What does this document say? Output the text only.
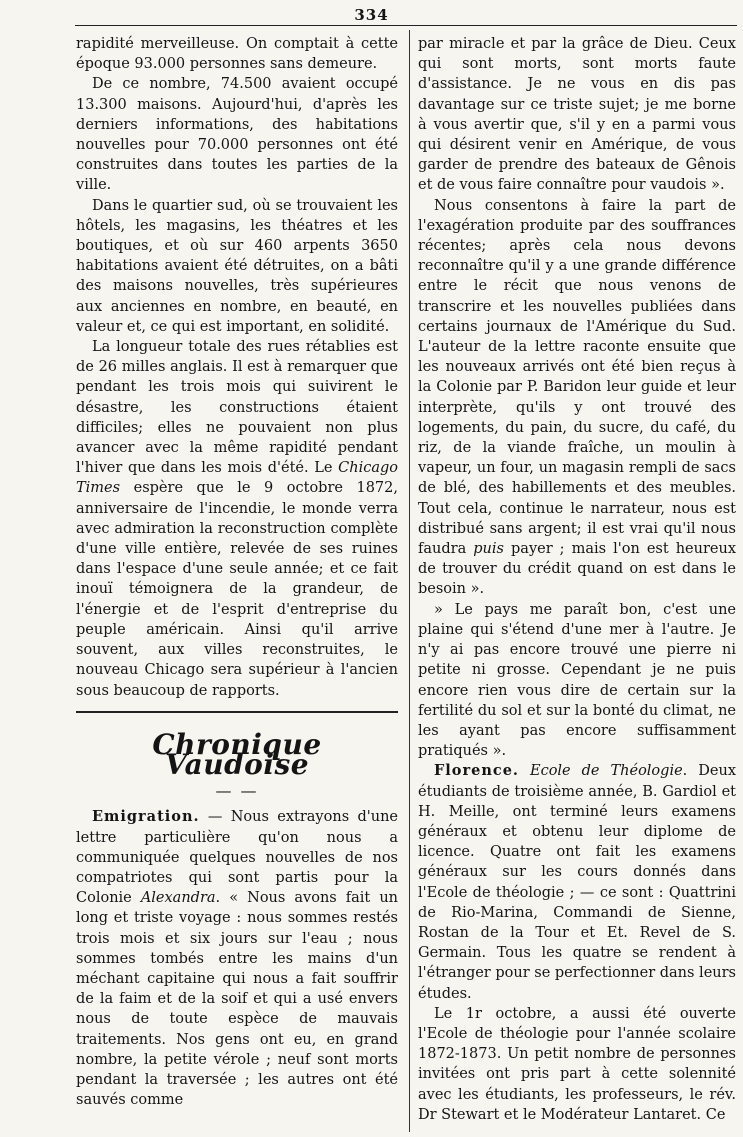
334

rapidité merveilleuse. On comptait à cette époque 93.000 personnes sans demeure.

De ce nombre, 74.500 avaient occupé 13.300 maisons. Aujourd'hui, d'après les derniers informations, des habitations nouvelles pour 70.000 personnes ont été construites dans toutes les parties de la ville.

Dans le quartier sud, où se trouvaient les hôtels, les magasins, les théatres et les boutiques, et où sur 460 arpents 3650 habitations avaient été détruites, on a bâti des maisons nouvelles, très supérieures aux anciennes en nombre, en beauté, en valeur et, ce qui est important, en solidité.

La longueur totale des rues rétablies est de 26 milles anglais. Il est à remarquer que pendant les trois mois qui suivirent le désastre, les constructions étaient difficiles; elles ne pouvaient non plus avancer avec la même rapidité pendant l'hiver que dans les mois d'été. Le Chicago Times espère que le 9 octobre 1872, anniversaire de l'incendie, le monde verra avec admiration la reconstruction complète d'une ville entière, relevée de ses ruines dans l'espace d'une seule année; et ce fait inouï témoignera de la grandeur, de l'énergie et de l'esprit d'entreprise du peuple américain. Ainsi qu'il arrive souvent, aux villes reconstruites, le nouveau Chicago sera supérieur à l'ancien sous beaucoup de rapports.

Chronique Vaudoise
— —

Emigration. — Nous extrayons d'une lettre particulière qu'on nous a communiquée quelques nouvelles de nos compatriotes qui sont partis pour la Colonie Alexandra. « Nous avons fait un long et triste voyage : nous sommes restés trois mois et six jours sur l'eau ; nous sommes tombés entre les mains d'un méchant capitaine qui nous a fait souffrir de la faim et de la soif et qui a usé envers nous de toute espèce de mauvais traitements. Nos gens ont eu, en grand nombre, la petite vérole ; neuf sont morts pendant la traversée ; les autres ont été sauvés comme

par miracle et par la grâce de Dieu. Ceux qui sont morts, sont morts faute d'assistance. Je ne vous en dis pas davantage sur ce triste sujet; je me borne à vous avertir que, s'il y en a parmi vous qui désirent venir en Amérique, de vous garder de prendre des bateaux de Gênois et de vous faire connaître pour vaudois ».

Nous consentons à faire la part de l'exagération produite par des souffrances récentes; après cela nous devons reconnaître qu'il y a une grande différence entre le récit que nous venons de transcrire et les nouvelles publiées dans certains journaux de l'Amérique du Sud. L'auteur de la lettre raconte ensuite que les nouveaux arrivés ont été bien reçus à la Colonie par P. Baridon leur guide et leur interprète, qu'ils y ont trouvé des logements, du pain, du sucre, du café, du riz, de la viande fraîche, un moulin à vapeur, un four, un magasin rempli de sacs de blé, des habillements et des meubles. Tout cela, continue le narrateur, nous est distribué sans argent; il est vrai qu'il nous faudra puis payer ; mais l'on est heureux de trouver du crédit quand on est dans le besoin ».

» Le pays me paraît bon, c'est une plaine qui s'étend d'une mer à l'autre. Je n'y ai pas encore trouvé une pierre ni petite ni grosse. Cependant je ne puis encore rien vous dire de certain sur la fertilité du sol et sur la bonté du climat, ne les ayant pas encore suffisamment pratiqués ».

Florence. Ecole de Théologie. Deux étudiants de troisième année, B. Gardiol et H. Meille, ont terminé leurs examens généraux et obtenu leur diplome de licence. Quatre ont fait les examens généraux sur les cours donnés dans l'Ecole de théologie ; — ce sont : Quattrini de Rio-Marina, Commandi de Sienne, Rostan de la Tour et Et. Revel de S. Germain. Tous les quatre se rendent à l'étranger pour se perfectionner dans leurs études.

Le 1r octobre, a aussi été ouverte l'Ecole de théologie pour l'année scolaire 1872-1873. Un petit nombre de personnes invitées ont pris part à cette solennité avec les étudiants, les professeurs, le rév. Dr Stewart et le Modérateur Lantaret. Ce
